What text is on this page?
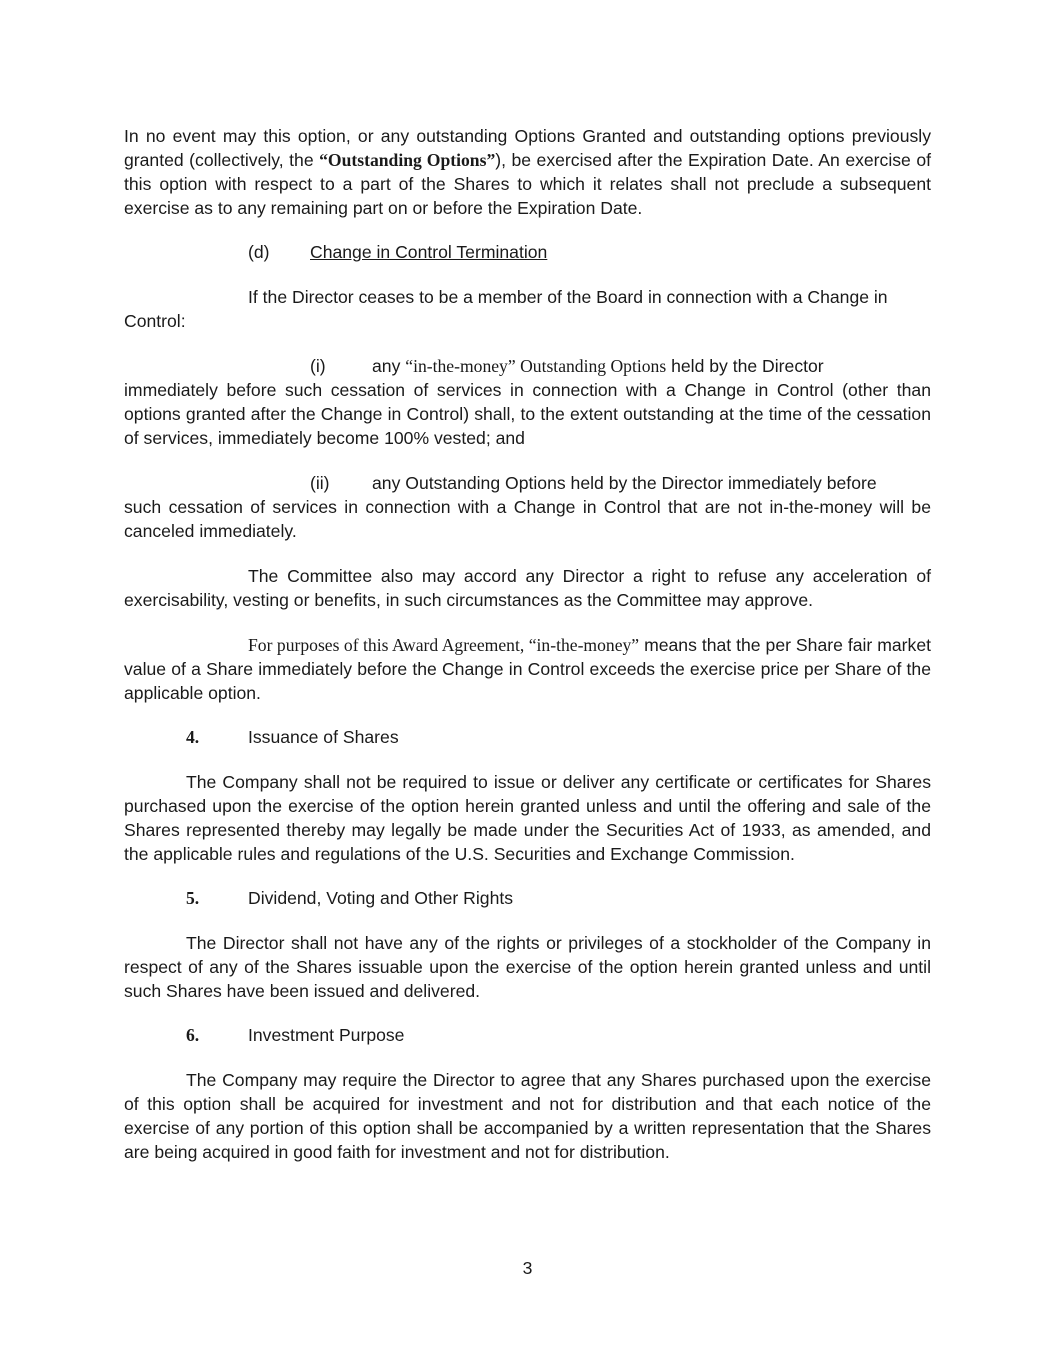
In no event may this option, or any outstanding Options Granted and outstanding options previously granted (collectively, the “Outstanding Options”), be exercised after the Expiration Date. An exercise of this option with respect to a part of the Shares to which it relates shall not preclude a subsequent exercise as to any remaining part on or before the Expiration Date.

(d)	Change in Control Termination

If the Director ceases to be a member of the Board in connection with a Change in
Control:

(i)	any “in-the-money” Outstanding Options held by the Director
immediately before such cessation of services in connection with a Change in Control (other than options granted after the Change in Control) shall, to the extent outstanding at the time of the cessation of services, immediately become 100% vested; and

(ii) any Outstanding Options held by the Director immediately before
such cessation of services in connection with a Change in Control that are not in-the-money will be canceled immediately.

The Committee also may accord any Director a right to refuse any acceleration of exercisability, vesting or benefits, in such circumstances as the Committee may approve.

For purposes of this Award Agreement, “in-the-money” means that the per Share fair market value of a Share immediately before the Change in Control exceeds the exercise price per Share of the applicable option.

4.	Issuance of Shares

The Company shall not be required to issue or deliver any certificate or certificates for Shares purchased upon the exercise of the option herein granted unless and until the offering and sale of the Shares represented thereby may legally be made under the Securities Act of 1933, as amended, and the applicable rules and regulations of the U.S. Securities and Exchange Commission.

5.	Dividend, Voting and Other Rights

The Director shall not have any of the rights or privileges of a stockholder of the Company in respect of any of the Shares issuable upon the exercise of the option herein granted unless and until such Shares have been issued and delivered.

6.	Investment Purpose

The Company may require the Director to agree that any Shares purchased upon the exercise of this option shall be acquired for investment and not for distribution and that each notice of the exercise of any portion of this option shall be accompanied by a written representation that the Shares are being acquired in good faith for investment and not for distribution.

3
